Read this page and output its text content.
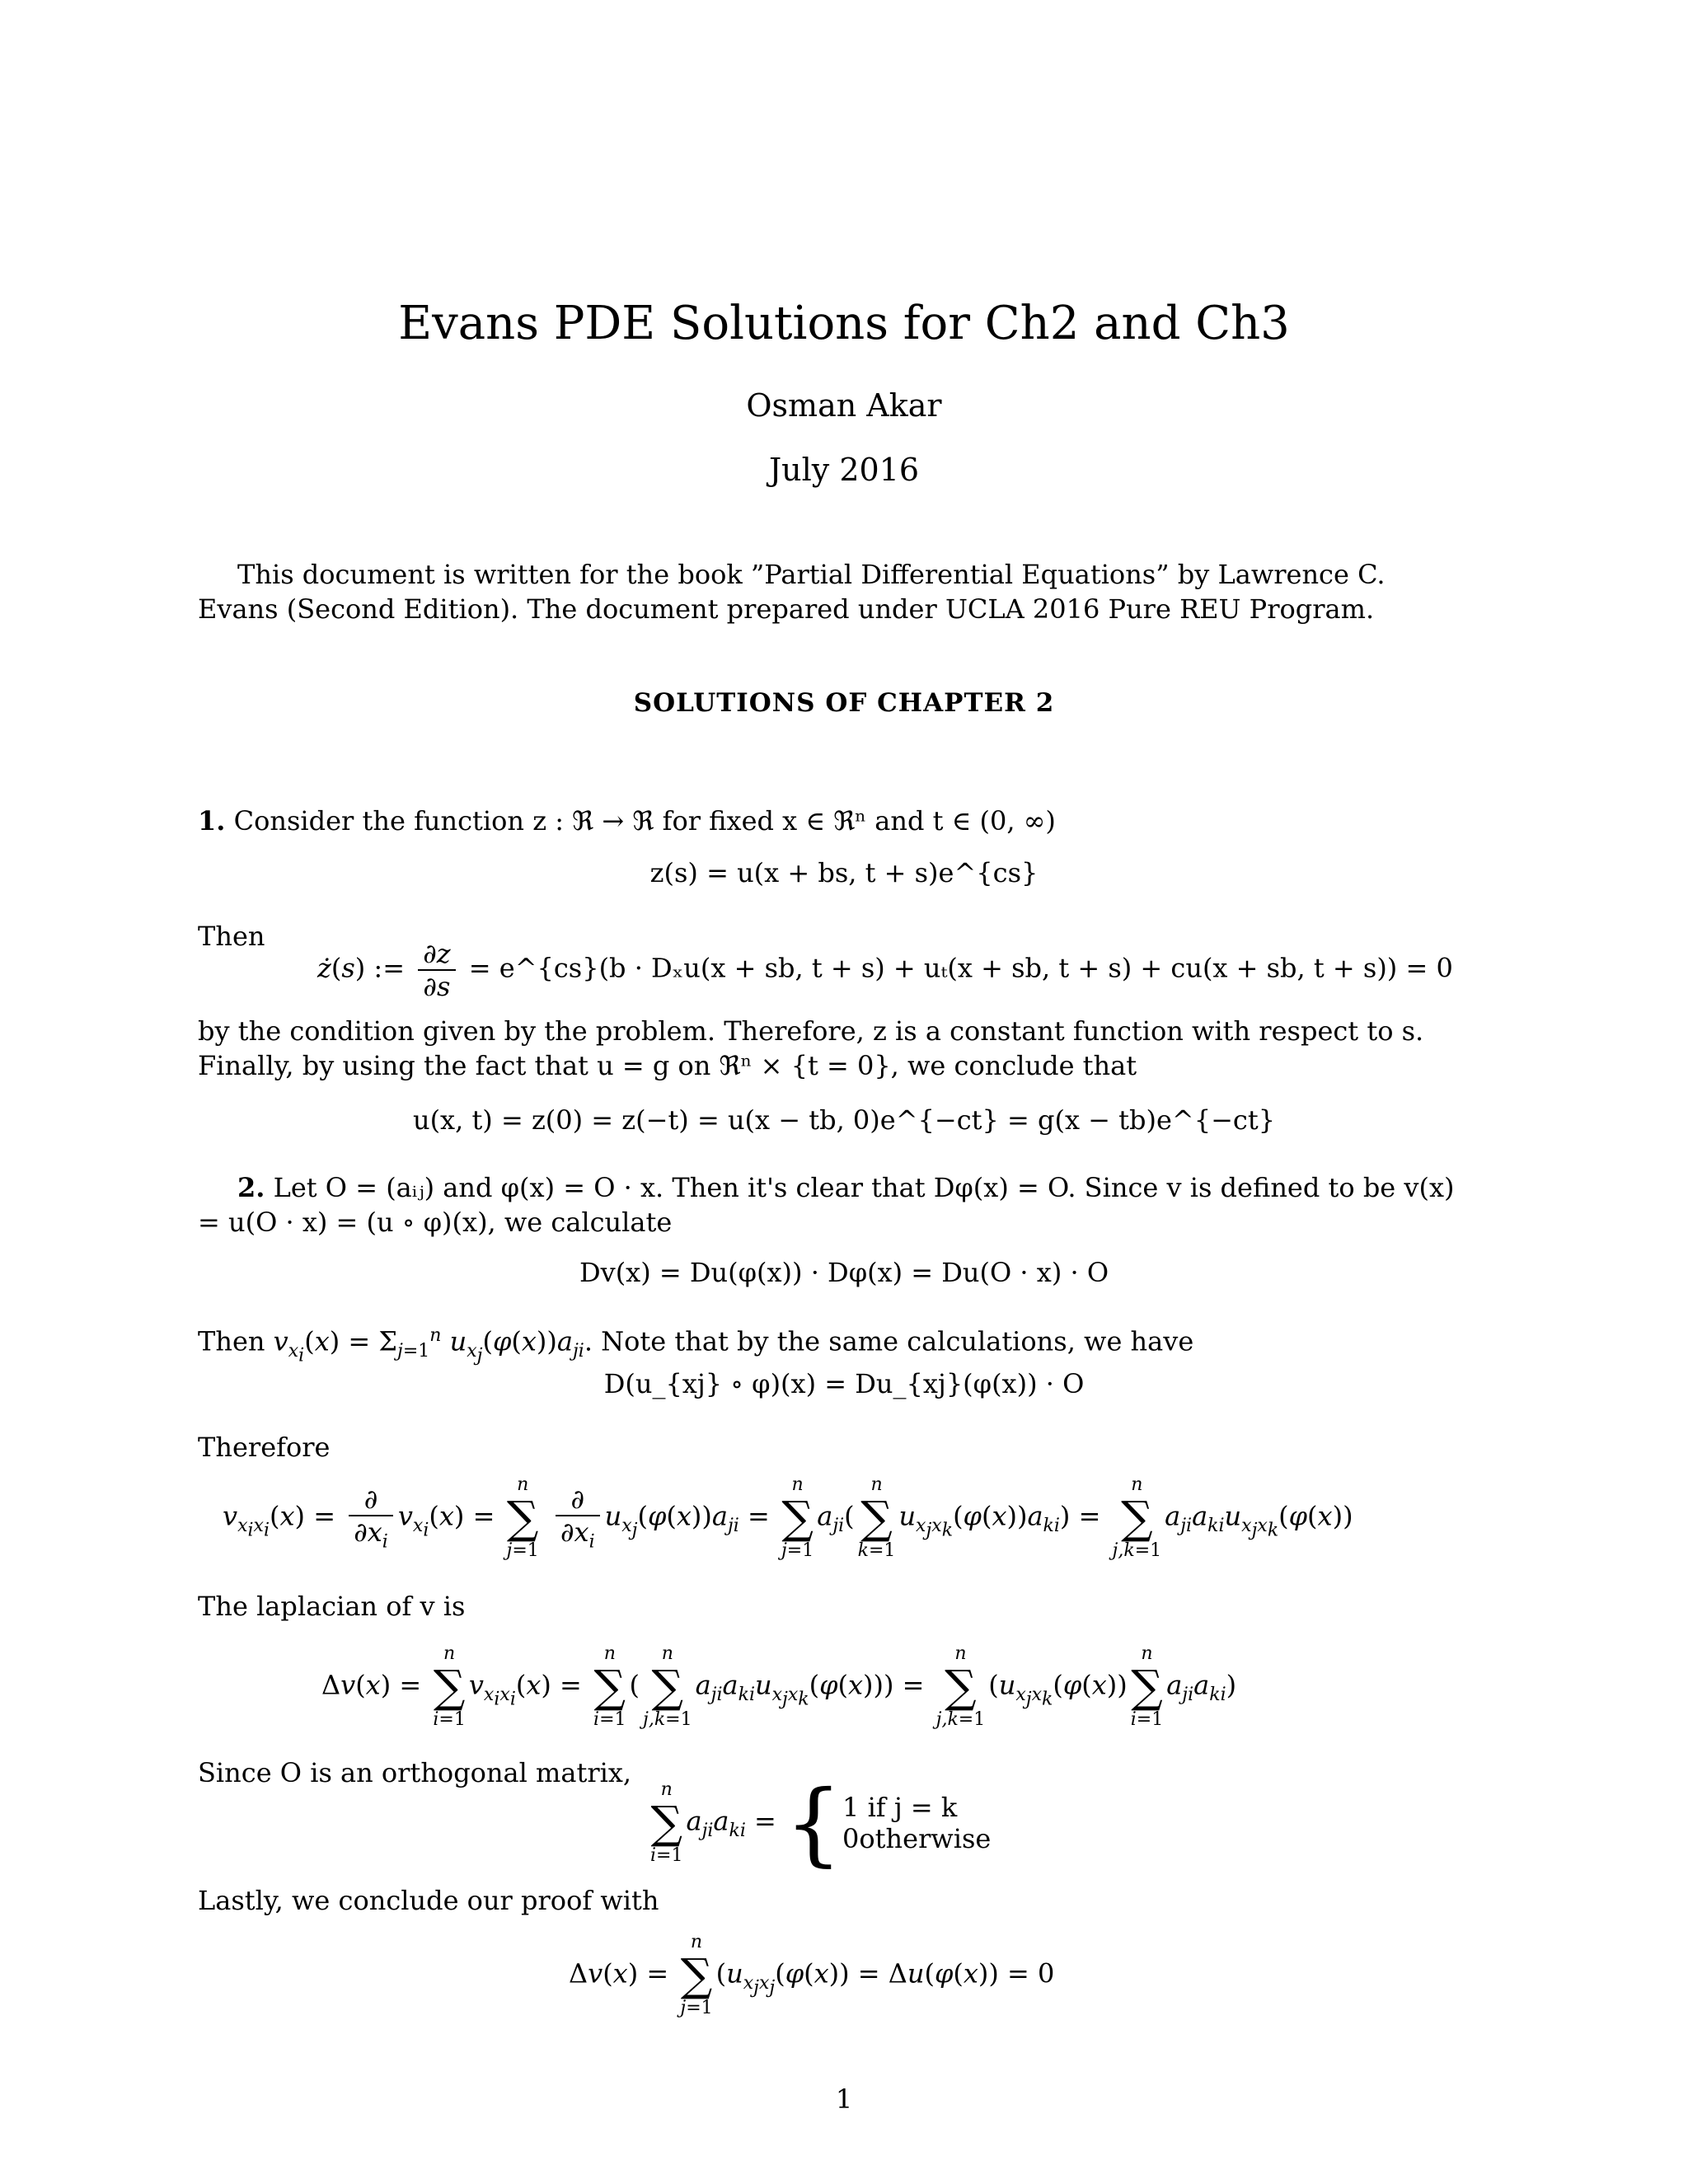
Evans PDE Solutions for Ch2 and Ch3
Osman Akar
July 2016
This document is written for the book ”Partial Differential Equations” by Lawrence C. Evans (Second Edition). The document prepared under UCLA 2016 Pure REU Program.
SOLUTIONS OF CHAPTER 2
1. Consider the function z : ℜ → ℜ for fixed x ∈ ℜⁿ and t ∈ (0, ∞)
z(s) = u(x + bs, t + s)e^{cs}
Then
ż(s) := $\frac{\partial z}{\partial s}$ = e^{cs}(b · Dₓu(x + sb, t + s) + uₜ(x + sb, t + s) + cu(x + sb, t + s)) = 0
by the condition given by the problem. Therefore, z is a constant function with respect to s. Finally, by using the fact that u = g on ℜⁿ × {t = 0}, we conclude that
u(x, t) = z(0) = z(−t) = u(x − tb, 0)e^{−ct} = g(x − tb)e^{−ct}
2. Let O = (aᵢⱼ) and φ(x) = O · x. Then it's clear that Dφ(x) = O. Since v is defined to be v(x) = u(O · x) = (u ∘ φ)(x), we calculate
Dv(x) = Du(φ(x)) · Dφ(x) = Du(O · x) · O
Then $v_{x_i}(x) = \Sigma_{j=1}^n$ $u_{x_j}(\varphi(x))a_{ji}$. Note that by the same calculations, we have
D(u_{xj} ∘ φ)(x) = Du_{xj}(φ(x)) · O
Therefore
$v_{x_ix_i}(x) = \frac{\partial}{\partial x_i} v_{x_i}(x)$ =
n
∑
j=1
$\frac{\partial}{\partial x_i} u_{x_j}(\varphi(x))a_{ji}$ =
n
∑
j=1
$a_{ji}$(
n
∑
k=1
$u_{x_jx_k}(\varphi(x))a_{ki}$) =
n
∑
j,k=1
$a_{ji}a_{ki}u_{x_jx_k}(\varphi(x))$
The laplacian of v is
Δv(x) =
n
∑
i=1
$v_{x_ix_i}(x)$ =
n
∑
i=1
(
n
∑
j,k=1
$a_{ji}a_{ki}u_{x_jx_k}(\varphi(x))$) =
n
∑
j,k=1
($u_{x_jx_k}(\varphi(x))$
n
∑
i=1
$a_{ji}a_{ki}$)
Since O is an orthogonal matrix,
n
∑
i=1
$a_{ji}a_{ki}$ = { 1 if j = k
0otherwise
Lastly, we conclude our proof with
Δv(x) =
n
∑
j=1
($u_{x_jx_j}(\varphi(x)) = \Delta u(\varphi(x)) = 0$
1
